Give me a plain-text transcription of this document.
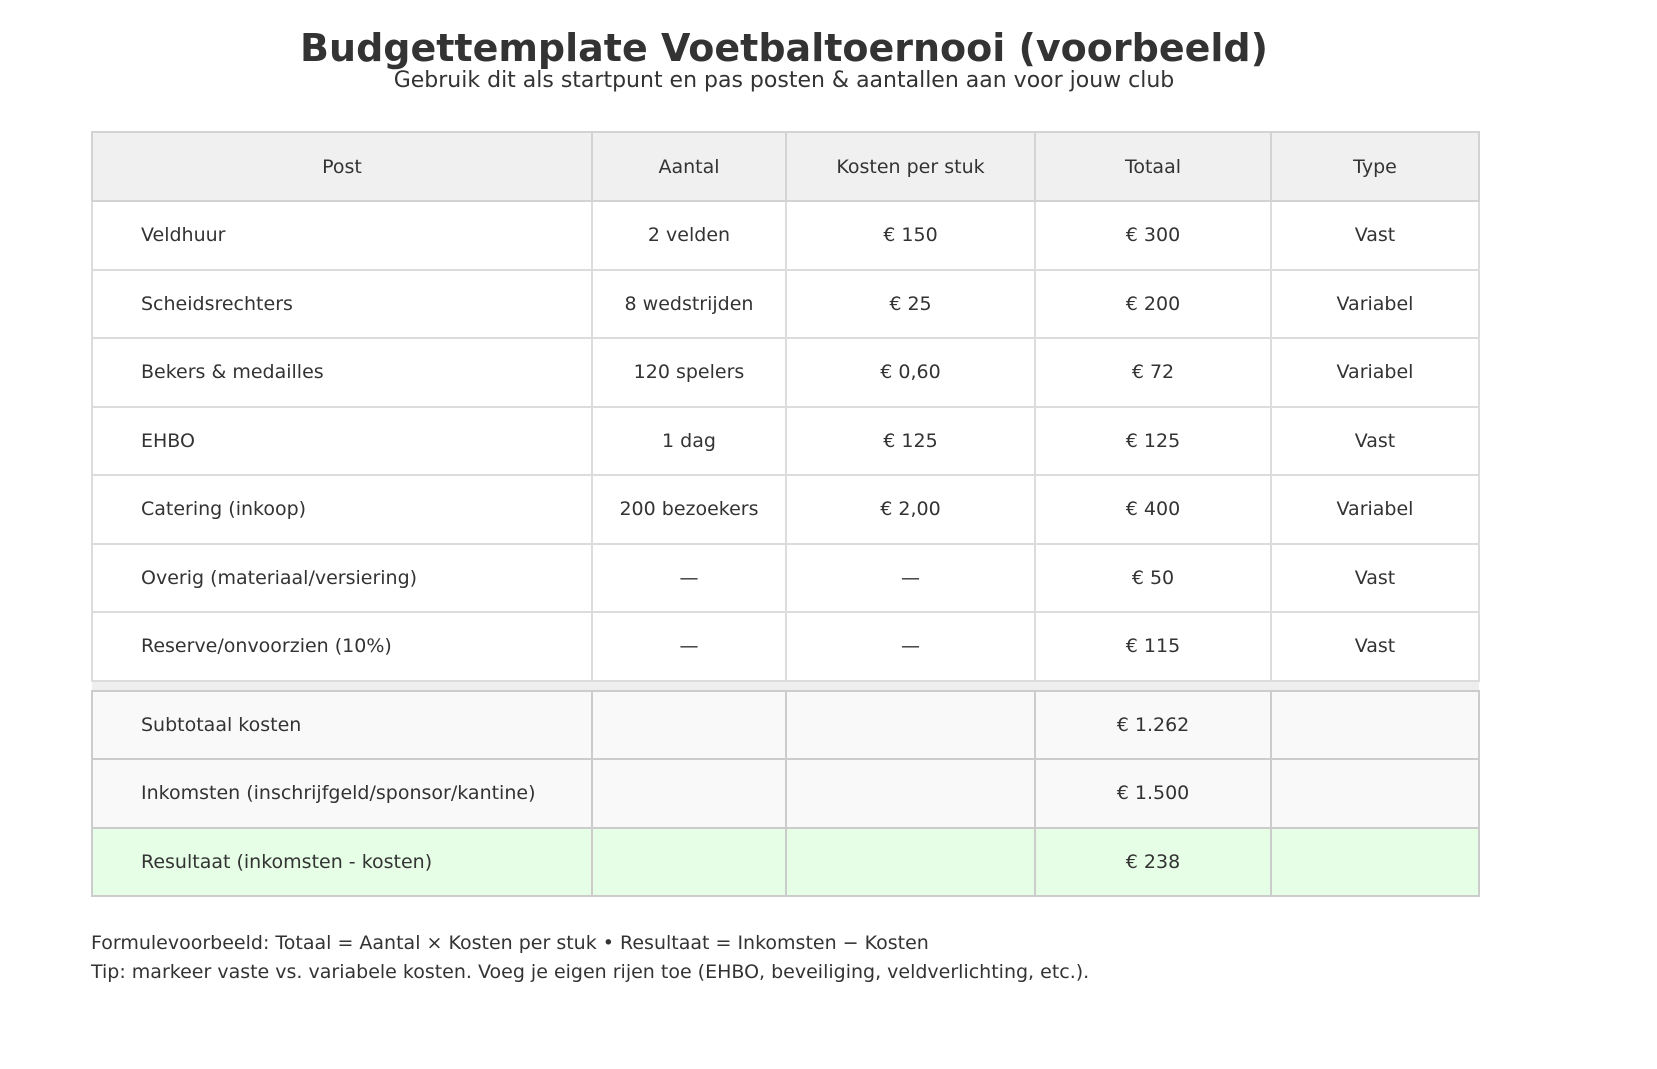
Budgettemplate Voetbaltoernooi (voorbeeld)
Gebruik dit als startpunt en pas posten & aantallen aan voor jouw club
Post	Aantal	Kosten per stuk	Totaal	Type
Veldhuur	2 velden	€ 150	€ 300	Vast
Scheidsrechters	8 wedstrijden	€ 25	€ 200	Variabel
Bekers & medailles	120 spelers	€ 0,60	€ 72	Variabel
EHBO	1 dag	€ 125	€ 125	Vast
Catering (inkoop)	200 bezoekers	€ 2,00	€ 400	Variabel
Overig (materiaal/versiering)	—	—	€ 50	Vast
Reserve/onvoorzien (10%)	—	—	€ 115	Vast

Subtotaal kosten			€ 1.262	
Inkomsten (inschrijfgeld/sponsor/kantine)			€ 1.500	
Resultaat (inkomsten - kosten)			€ 238	
Formulevoorbeeld: Totaal = Aantal × Kosten per stuk • Resultaat = Inkomsten − Kosten
Tip: markeer vaste vs. variabele kosten. Voeg je eigen rijen toe (EHBO, beveiliging, veldverlichting, etc.).
